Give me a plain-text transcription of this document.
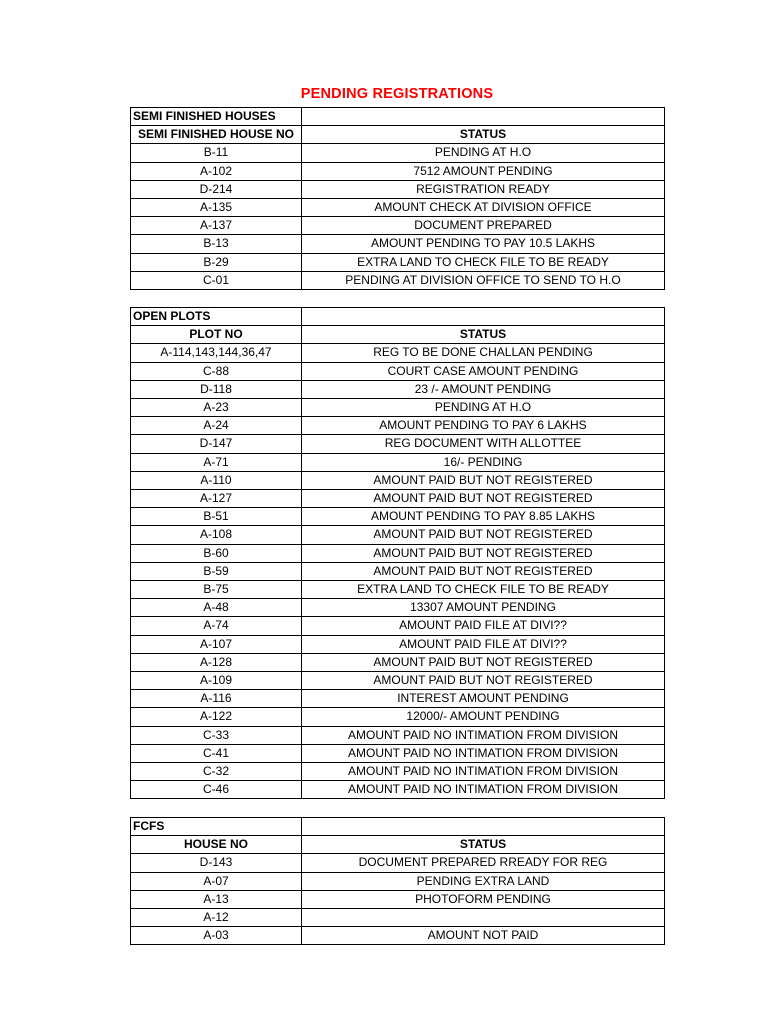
PENDING REGISTRATIONS
SEMI FINISHED HOUSES	
SEMI FINISHED HOUSE NO	STATUS
B-11	PENDING AT H.O
A-102	7512 AMOUNT PENDING
D-214	REGISTRATION READY
A-135	AMOUNT CHECK AT DIVISION OFFICE
A-137	DOCUMENT PREPARED
B-13	AMOUNT PENDING TO PAY 10.5 LAKHS
B-29	EXTRA LAND TO CHECK FILE TO BE READY
C-01	PENDING AT DIVISION OFFICE TO SEND TO H.O
OPEN PLOTS	
PLOT NO	STATUS
A-114,143,144,36,47	REG TO BE DONE CHALLAN PENDING
C-88	COURT CASE AMOUNT PENDING
D-118	23 /- AMOUNT PENDING
A-23	PENDING AT H.O
A-24	AMOUNT PENDING TO PAY 6 LAKHS
D-147	REG DOCUMENT WITH ALLOTTEE
A-71	16/- PENDING
A-110	AMOUNT PAID BUT NOT REGISTERED
A-127	AMOUNT PAID BUT NOT REGISTERED
B-51	AMOUNT PENDING TO PAY 8.85 LAKHS
A-108	AMOUNT PAID BUT NOT REGISTERED
B-60	AMOUNT PAID BUT NOT REGISTERED
B-59	AMOUNT PAID BUT NOT REGISTERED
B-75	EXTRA LAND TO CHECK FILE TO BE READY
A-48	13307 AMOUNT PENDING
A-74	AMOUNT PAID FILE AT DIVI??
A-107	AMOUNT PAID FILE AT DIVI??
A-128	AMOUNT PAID BUT NOT REGISTERED
A-109	AMOUNT PAID BUT NOT REGISTERED
A-116	INTEREST AMOUNT PENDING
A-122	12000/- AMOUNT PENDING
C-33	AMOUNT PAID NO INTIMATION FROM DIVISION
C-41	AMOUNT PAID NO INTIMATION FROM DIVISION
C-32	AMOUNT PAID NO INTIMATION FROM DIVISION
C-46	AMOUNT PAID NO INTIMATION FROM DIVISION
FCFS	
HOUSE NO	STATUS
D-143	DOCUMENT PREPARED RREADY FOR REG
A-07	PENDING EXTRA LAND
A-13	PHOTOFORM PENDING
A-12	
A-03	AMOUNT NOT PAID
